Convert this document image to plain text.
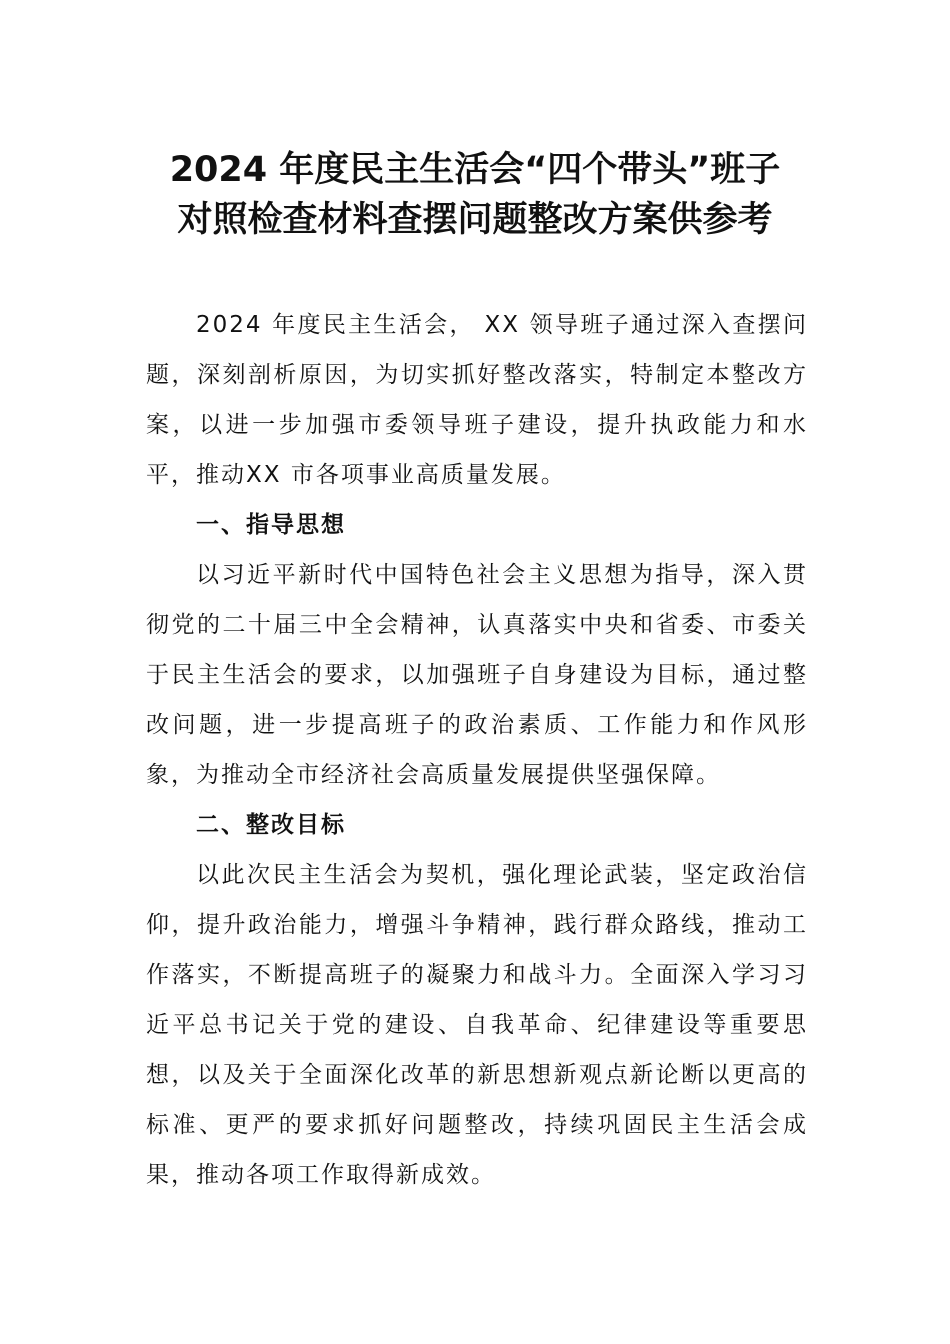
2024 年度民主生活会“四个带头”班子
对照检查材料查摆问题整改方案供参考

2024 年度民主生活会， XX 领导班子通过深入查摆问题，深刻剖析原因，为切实抓好整改落实，特制定本整改方案，以进一步加强市委领导班子建设，提升执政能力和水平，推动XX 市各项事业高质量发展。

一、指导思想

以习近平新时代中国特色社会主义思想为指导，深入贯彻党的二十届三中全会精神，认真落实中央和省委、市委关于民主生活会的要求，以加强班子自身建设为目标，通过整改问题，进一步提高班子的政治素质、工作能力和作风形象，为推动全市经济社会高质量发展提供坚强保障。

二、整改目标

以此次民主生活会为契机，强化理论武装，坚定政治信仰，提升政治能力，增强斗争精神，践行群众路线，推动工作落实，不断提高班子的凝聚力和战斗力。全面深入学习习近平总书记关于党的建设、自我革命、纪律建设等重要思想，以及关于全面深化改革的新思想新观点新论断以更高的标准、更严的要求抓好问题整改，持续巩固民主生活会成果，推动各项工作取得新成效。
